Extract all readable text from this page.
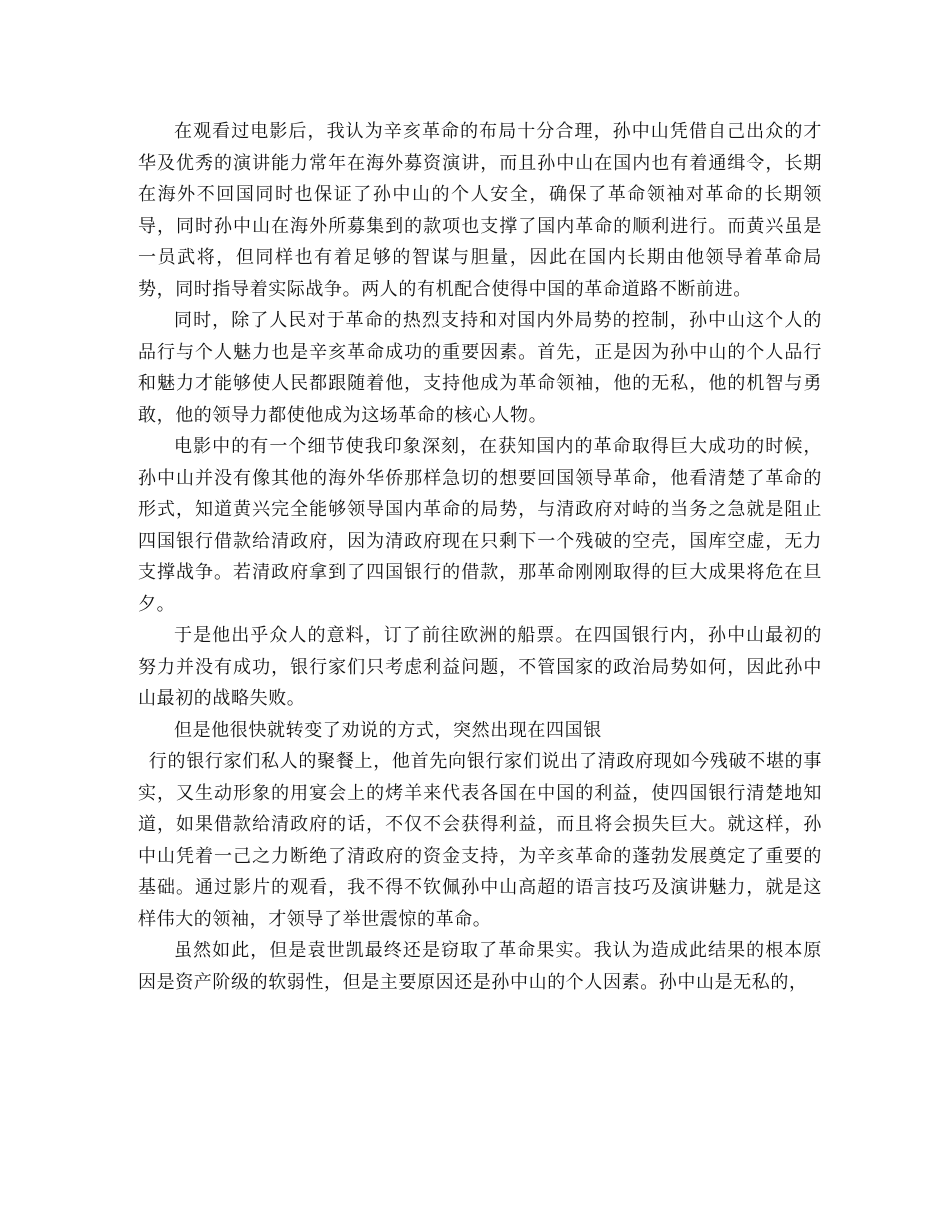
在观看过电影后，我认为辛亥革命的布局十分合理，孙中山凭借自己出众的才华及优秀的演讲能力常年在海外募资演讲，而且孙中山在国内也有着通缉令，长期在海外不回国同时也保证了孙中山的个人安全，确保了革命领袖对革命的长期领导，同时孙中山在海外所募集到的款项也支撑了国内革命的顺利进行。而黄兴虽是一员武将，但同样也有着足够的智谋与胆量，因此在国内长期由他领导着革命局势，同时指导着实际战争。两人的有机配合使得中国的革命道路不断前进。

同时，除了人民对于革命的热烈支持和对国内外局势的控制，孙中山这个人的品行与个人魅力也是辛亥革命成功的重要因素。首先，正是因为孙中山的个人品行和魅力才能够使人民都跟随着他，支持他成为革命领袖，他的无私，他的机智与勇敢，他的领导力都使他成为这场革命的核心人物。

电影中的有一个细节使我印象深刻，在获知国内的革命取得巨大成功的时候，孙中山并没有像其他的海外华侨那样急切的想要回国领导革命，他看清楚了革命的形式，知道黄兴完全能够领导国内革命的局势，与清政府对峙的当务之急就是阻止四国银行借款给清政府，因为清政府现在只剩下一个残破的空壳，国库空虚，无力支撑战争。若清政府拿到了四国银行的借款，那革命刚刚取得的巨大成果将危在旦夕。

于是他出乎众人的意料，订了前往欧洲的船票。在四国银行内，孙中山最初的努力并没有成功，银行家们只考虑利益问题，不管国家的政治局势如何，因此孙中山最初的战略失败。

但是他很快就转变了劝说的方式，突然出现在四国银

行的银行家们私人的聚餐上，他首先向银行家们说出了清政府现如今残破不堪的事实，又生动形象的用宴会上的烤羊来代表各国在中国的利益，使四国银行清楚地知道，如果借款给清政府的话，不仅不会获得利益，而且将会损失巨大。就这样，孙中山凭着一己之力断绝了清政府的资金支持，为辛亥革命的蓬勃发展奠定了重要的基础。通过影片的观看，我不得不钦佩孙中山高超的语言技巧及演讲魅力，就是这样伟大的领袖，才领导了举世震惊的革命。

虽然如此，但是袁世凯最终还是窃取了革命果实。我认为造成此结果的根本原因是资产阶级的软弱性，但是主要原因还是孙中山的个人因素。孙中山是无私的，
